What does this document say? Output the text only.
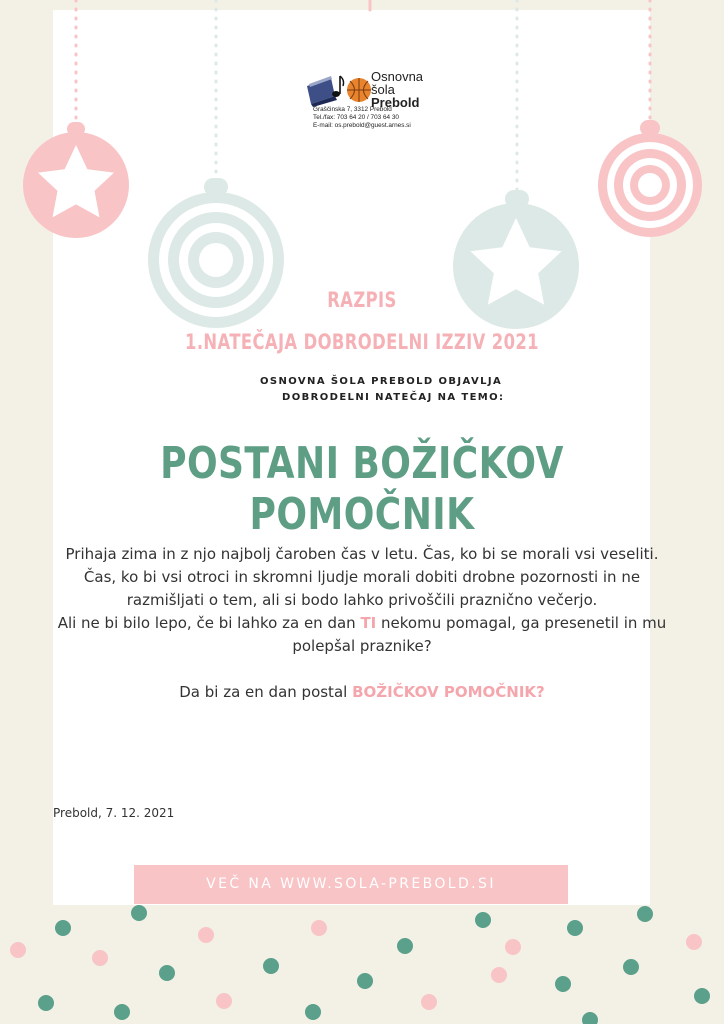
Osnovna
šola
Prebold
Graščinska 7, 3312 Prebold
Tel./fax: 703 64 20 / 703 64 30
E-mail: os.prebold@guest.arnes.si
RAZPIS
1.NATEČAJA DOBRODELNI IZZIV 2021
OSNOVNA ŠOLA PREBOLD OBJAVLJA
DOBRODELNI NATEČAJ NA TEMO:
POSTANI BOŽIČKOV POMOČNIK

Prihaja zima in z njo najbolj čaroben čas v letu. Čas, ko bi se morali vsi veseliti. Čas, ko bi vsi otroci in skromni ljudje morali dobiti drobne pozornosti in ne razmišljati o tem, ali si bodo lahko privoščili praznično večerjo.

Ali ne bi bilo lepo, če bi lahko za en dan TI nekomu pomagal, ga presenetil in mu polepšal praznike?

Da bi za en dan postal BOŽIČKOV POMOČNIK?

Prebold, 7. 12. 2021
VEČ NA WWW.SOLA-PREBOLD.SI
